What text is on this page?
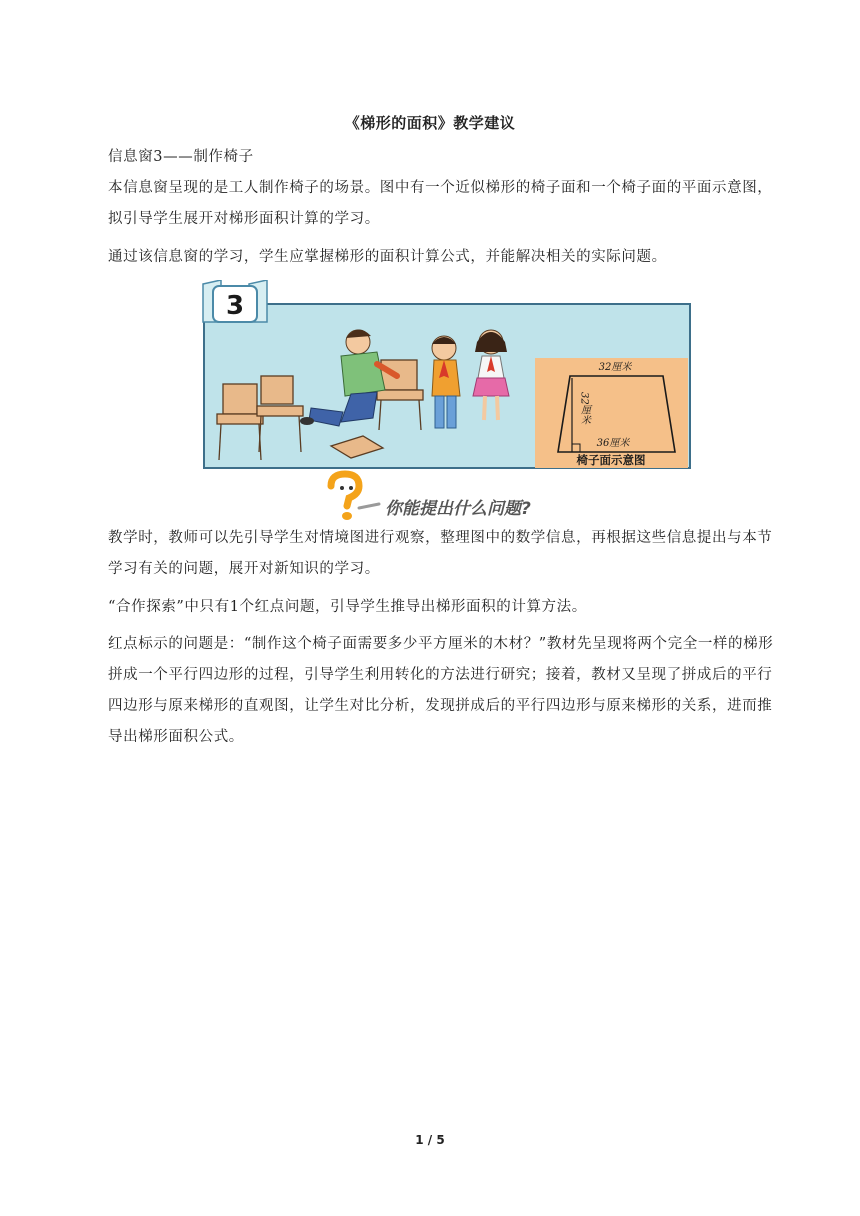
《梯形的面积》教学建议

信息窗3——制作椅子

本信息窗呈现的是工人制作椅子的场景。图中有一个近似梯形的椅子面和一个椅子面的平面示意图，拟引导学生展开对梯形面积计算的学习。
通过该信息窗的学习，学生应掌握梯形的面积计算公式，并能解决相关的实际问题。
3
32厘米
32厘米
36厘米
椅子面示意图
你能提出什么问题?
教学时，教师可以先引导学生对情境图进行观察，整理图中的数学信息，再根据这些信息提出与本节学习有关的问题，展开对新知识的学习。
“合作探索”中只有1个红点问题，引导学生推导出梯形面积的计算方法。
红点标示的问题是：“制作这个椅子面需要多少平方厘米的木材？”教材先呈现将两个完全一样的梯形拼成一个平行四边形的过程，引导学生利用转化的方法进行研究；接着，教材又呈现了拼成后的平行四边形与原来梯形的直观图，让学生对比分析，发现拼成后的平行四边形与原来梯形的关系，进而推导出梯形面积公式。
1 / 5
